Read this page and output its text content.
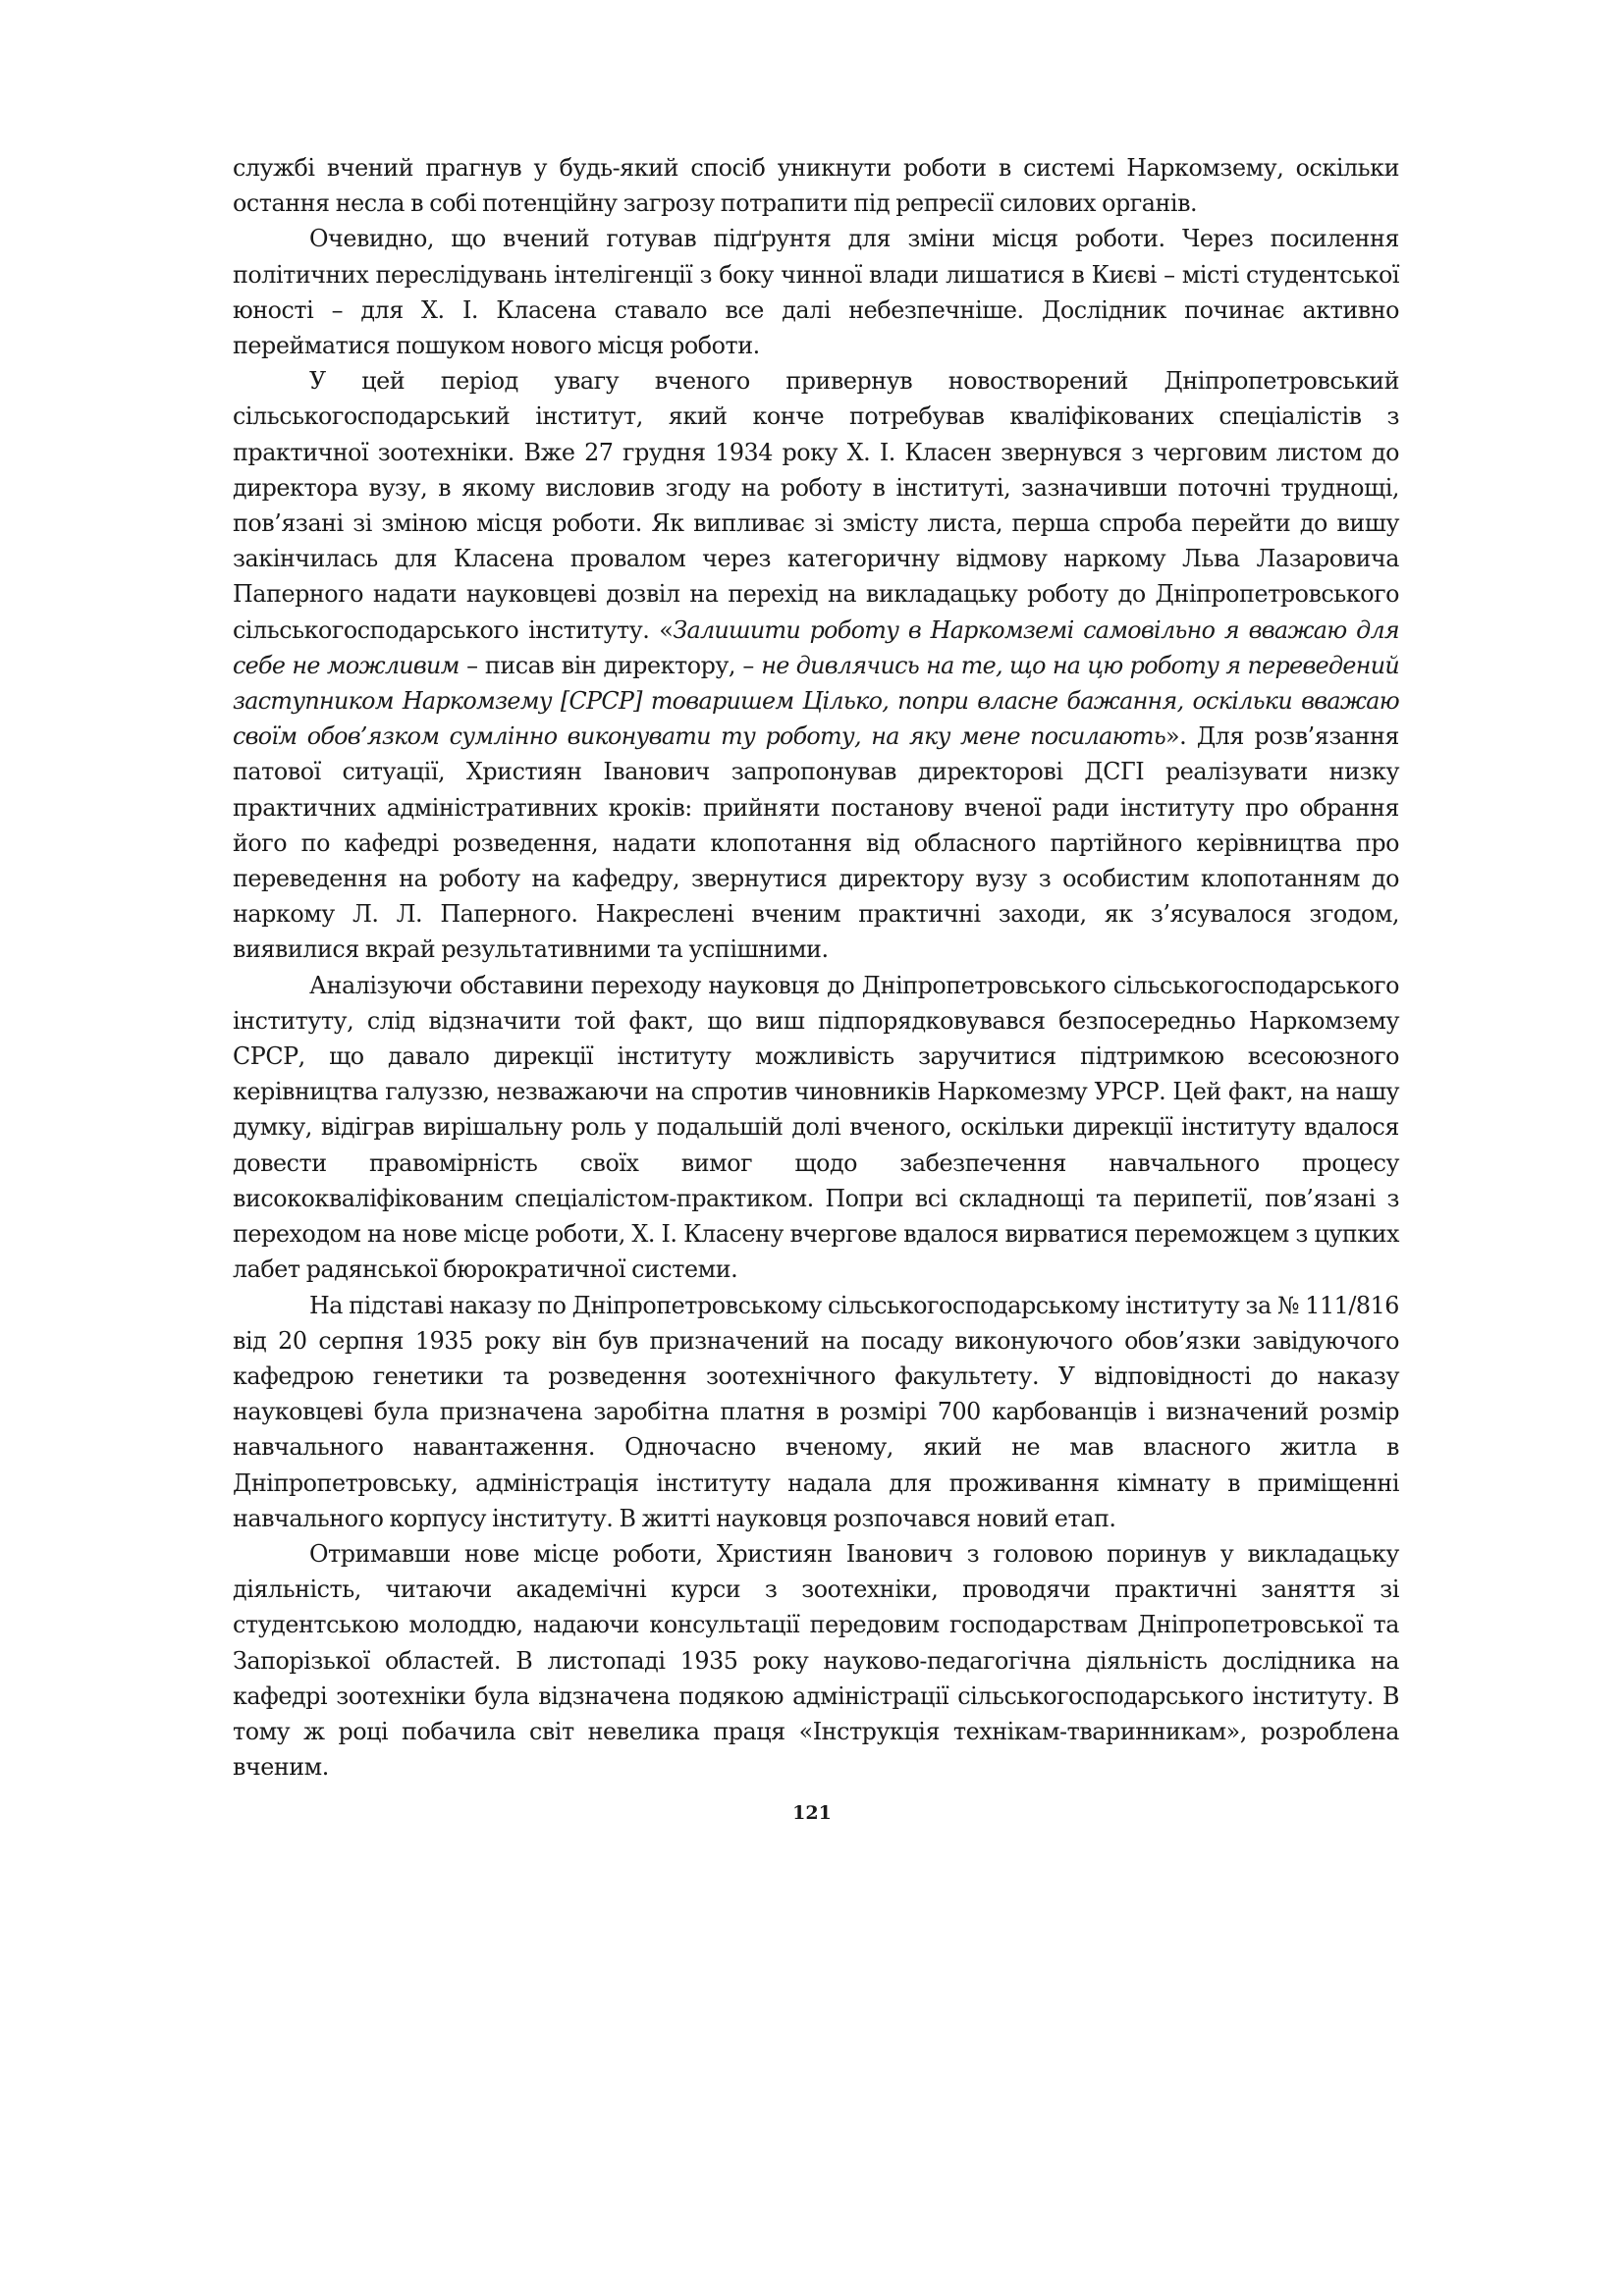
службі вчений прагнув у будь-який спосіб уникнути роботи в системі Наркомзему, оскільки остання несла в собі потенційну загрозу потрапити під репресії силових органів.

Очевидно, що вчений готував підґрунтя для зміни місця роботи. Через посилення політичних переслідувань інтелігенції з боку чинної влади лишатися в Києві – місті студентської юності – для Х. І. Класена ставало все далі небезпечніше. Дослідник починає активно перейматися пошуком нового місця роботи.

У цей період увагу вченого привернув новостворений Дніпропетровський сільськогосподарський інститут, який конче потребував кваліфікованих спеціалістів з практичної зоотехніки. Вже 27 грудня 1934 року Х. І. Класен звернувся з черговим листом до директора вузу, в якому висловив згоду на роботу в інституті, зазначивши поточні труднощі, пов’язані зі зміною місця роботи. Як випливає зі змісту листа, перша спроба перейти до вишу закінчилась для Класена провалом через категоричну відмову наркому Льва Лазаровича Паперного надати науковцеві дозвіл на перехід на викладацьку роботу до Дніпропетровського сільськогосподарського інституту. «Залишити роботу в Наркомземі самовільно я вважаю для себе не можливим – писав він директору, – не дивлячись на те, що на цю роботу я переведений заступником Наркомзему [СРСР] товаришем Цілько, попри власне бажання, оскільки вважаю своїм обов’язком сумлінно виконувати ту роботу, на яку мене посилають». Для розв’язання патової ситуації, Християн Іванович запропонував директорові ДСГІ реалізувати низку практичних адміністративних кроків: прийняти постанову вченої ради інституту про обрання його по кафедрі розведення, надати клопотання від обласного партійного керівництва про переведення на роботу на кафедру, звернутися директору вузу з особистим клопотанням до наркому Л. Л. Паперного. Накреслені вченим практичні заходи, як з’ясувалося згодом, виявилися вкрай результативними та успішними.

Аналізуючи обставини переходу науковця до Дніпропетровського сільськогосподарського інституту, слід відзначити той факт, що виш підпорядковувався безпосередньо Наркомзему СРСР, що давало дирекції інституту можливість заручитися підтримкою всесоюзного керівництва галуззю, незважаючи на спротив чиновників Наркомезму УРСР. Цей факт, на нашу думку, відіграв вирішальну роль у подальшій долі вченого, оскільки дирекції інституту вдалося довести правомірність своїх вимог щодо забезпечення навчального процесу висококваліфікованим спеціалістом-практиком. Попри всі складнощі та перипетії, пов’язані з переходом на нове місце роботи, Х. І. Класену вчергове вдалося вирватися переможцем з цупких лабет радянської бюрократичної системи.

На підставі наказу по Дніпропетровському сільськогосподарському інституту за № 111/816 від 20 серпня 1935 року він був призначений на посаду виконуючого обов’язки завідуючого кафедрою генетики та розведення зоотехнічного факультету. У відповідності до наказу науковцеві була призначена заробітна платня в розмірі 700 карбованців і визначений розмір навчального навантаження. Одночасно вченому, який не мав власного житла в Дніпропетровську, адміністрація інституту надала для проживання кімнату в приміщенні навчального корпусу інституту. В житті науковця розпочався новий етап.

Отримавши нове місце роботи, Християн Іванович з головою поринув у викладацьку діяльність, читаючи академічні курси з зоотехніки, проводячи практичні заняття зі студентською молоддю, надаючи консультації передовим господарствам Дніпропетровської та Запорізької областей. В листопаді 1935 року науково-педагогічна діяльність дослідника на кафедрі зоотехніки була відзначена подякою адміністрації сільськогосподарського інституту. В тому ж році побачила світ невелика праця «Інструкція технікам-тваринникам», розроблена вченим.

121
